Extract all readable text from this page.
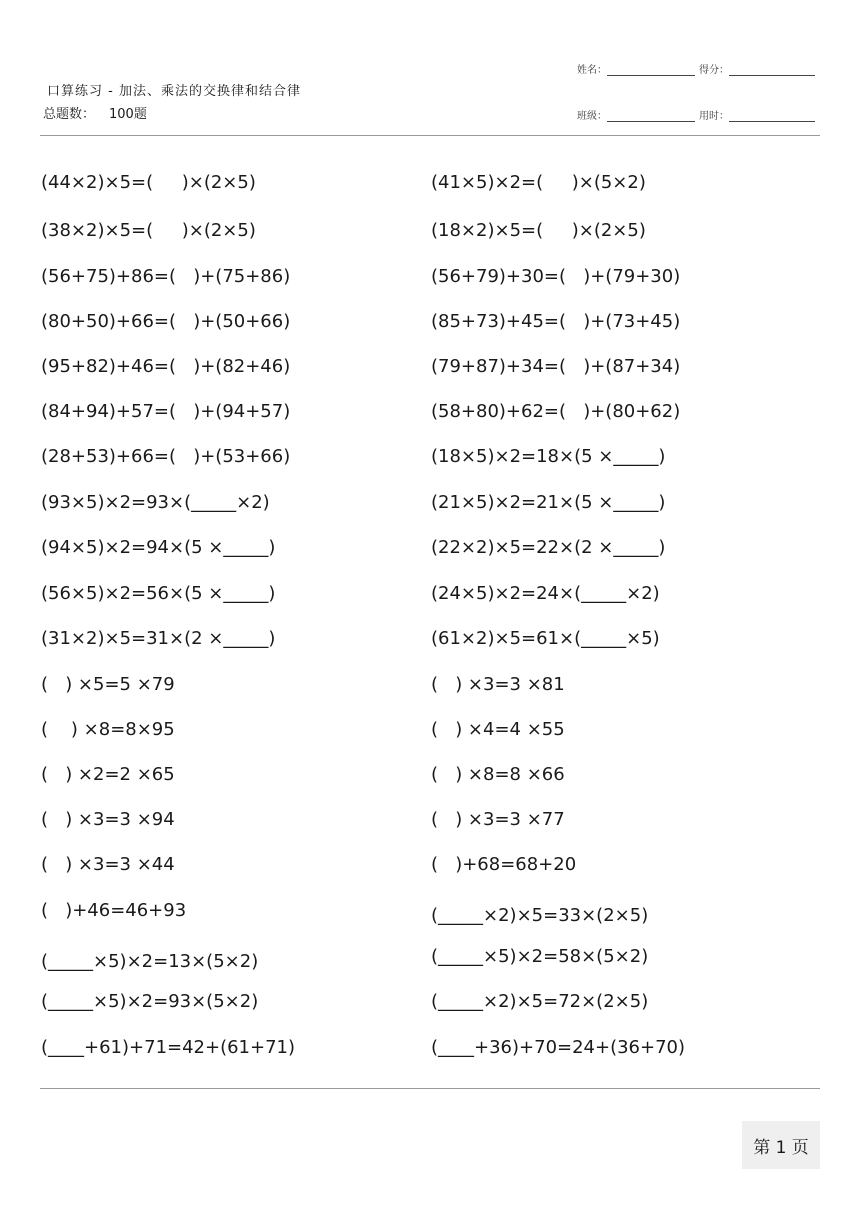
口算练习 - 加法、乘法的交换律和结合律
总题数： 100题
姓名：	得分：
班级：	用时：
(44×2)×5=(     )×(2×5)
(38×2)×5=(     )×(2×5)
(56+75)+86=(   )+(75+86)
(80+50)+66=(   )+(50+66)
(95+82)+46=(   )+(82+46)
(84+94)+57=(   )+(94+57)
(28+53)+66=(   )+(53+66)
(93×5)×2=93×(_____×2)
(94×5)×2=94×(5 ×_____)
(56×5)×2=56×(5 ×_____)
(31×2)×5=31×(2 ×_____)
(   ) ×5=5 ×79
(    ) ×8=8×95
(   ) ×2=2 ×65
(   ) ×3=3 ×94
(   ) ×3=3 ×44
(   )+46=46+93
(_____×5)×2=13×(5×2)
(_____×5)×2=93×(5×2)
(____+61)+71=42+(61+71)
(41×5)×2=(     )×(5×2)
(18×2)×5=(     )×(2×5)
(56+79)+30=(   )+(79+30)
(85+73)+45=(   )+(73+45)
(79+87)+34=(   )+(87+34)
(58+80)+62=(   )+(80+62)
(18×5)×2=18×(5 ×_____)
(21×5)×2=21×(5 ×_____)
(22×2)×5=22×(2 ×_____)
(24×5)×2=24×(_____×2)
(61×2)×5=61×(_____×5)
(   ) ×3=3 ×81
(   ) ×4=4 ×55
(   ) ×8=8 ×66
(   ) ×3=3 ×77
(   )+68=68+20
(_____×2)×5=33×(2×5)
(_____×5)×2=58×(5×2)
(_____×2)×5=72×(2×5)
(____+36)+70=24+(36+70)
第 1 页
